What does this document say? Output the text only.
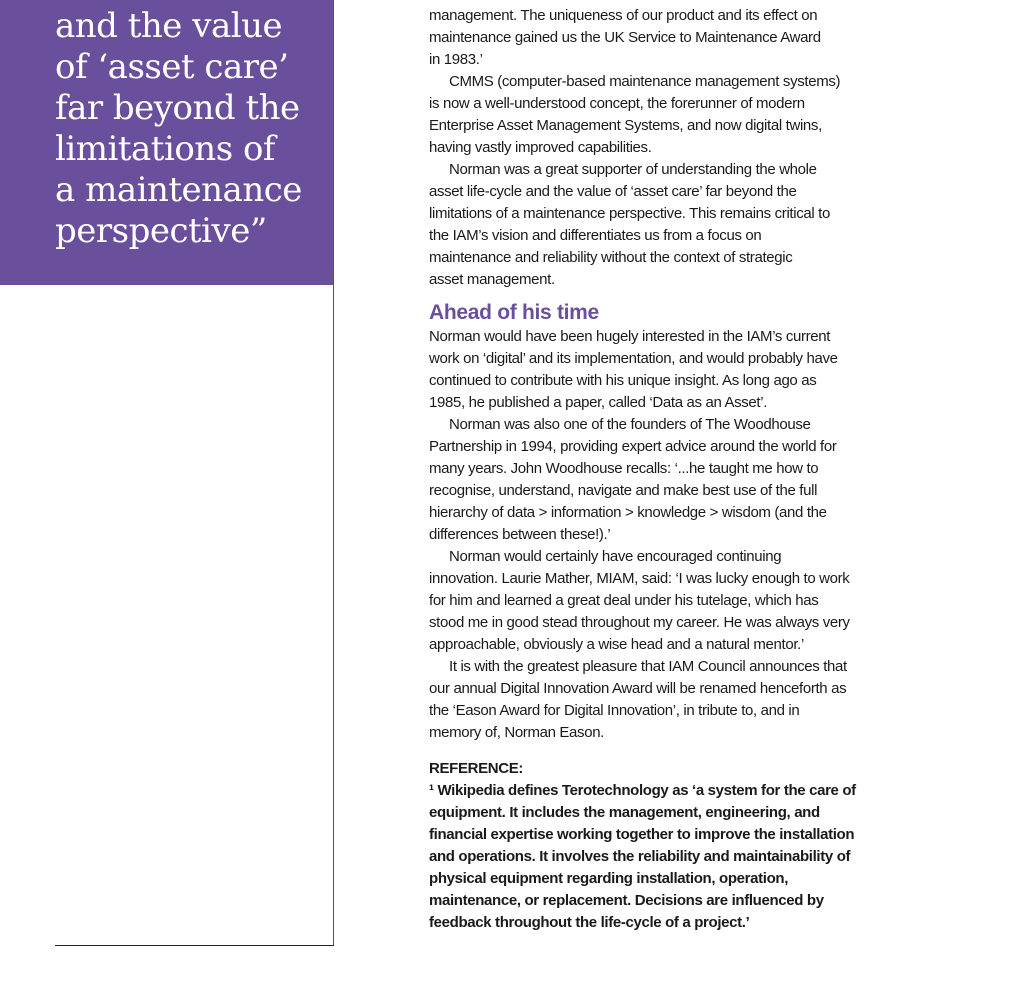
and the value
of ‘asset care’
far beyond the
limitations of
a maintenance
perspective”
management. The uniqueness of our product and its effect on
maintenance gained us the UK Service to Maintenance Award
in 1983.’
CMMS (computer-based maintenance management systems)
is now a well-understood concept, the forerunner of modern
Enterprise Asset Management Systems, and now digital twins,
having vastly improved capabilities.
Norman was a great supporter of understanding the whole
asset life-cycle and the value of ‘asset care’ far beyond the
limitations of a maintenance perspective. This remains critical to
the IAM’s vision and differentiates us from a focus on
maintenance and reliability without the context of strategic
asset management.
Ahead of his time
Norman would have been hugely interested in the IAM’s current
work on ‘digital’ and its implementation, and would probably have
continued to contribute with his unique insight. As long ago as
1985, he published a paper, called ‘Data as an Asset’.
Norman was also one of the founders of The Woodhouse
Partnership in 1994, providing expert advice around the world for
many years. John Woodhouse recalls: ‘...he taught me how to
recognise, understand, navigate and make best use of the full
hierarchy of data > information > knowledge > wisdom (and the
differences between these!).’
Norman would certainly have encouraged continuing
innovation. Laurie Mather, MIAM, said: ‘I was lucky enough to work
for him and learned a great deal under his tutelage, which has
stood me in good stead throughout my career. He was always very
approachable, obviously a wise head and a natural mentor.’
It is with the greatest pleasure that IAM Council announces that
our annual Digital Innovation Award will be renamed henceforth as
the ‘Eason Award for Digital Innovation’, in tribute to, and in
memory of, Norman Eason.
REFERENCE:
¹ Wikipedia defines Terotechnology as ‘a system for the care of
equipment. It includes the management, engineering, and
financial expertise working together to improve the installation
and operations. It involves the reliability and maintainability of
physical equipment regarding installation, operation,
maintenance, or replacement. Decisions are influenced by
feedback throughout the life-cycle of a project.’
